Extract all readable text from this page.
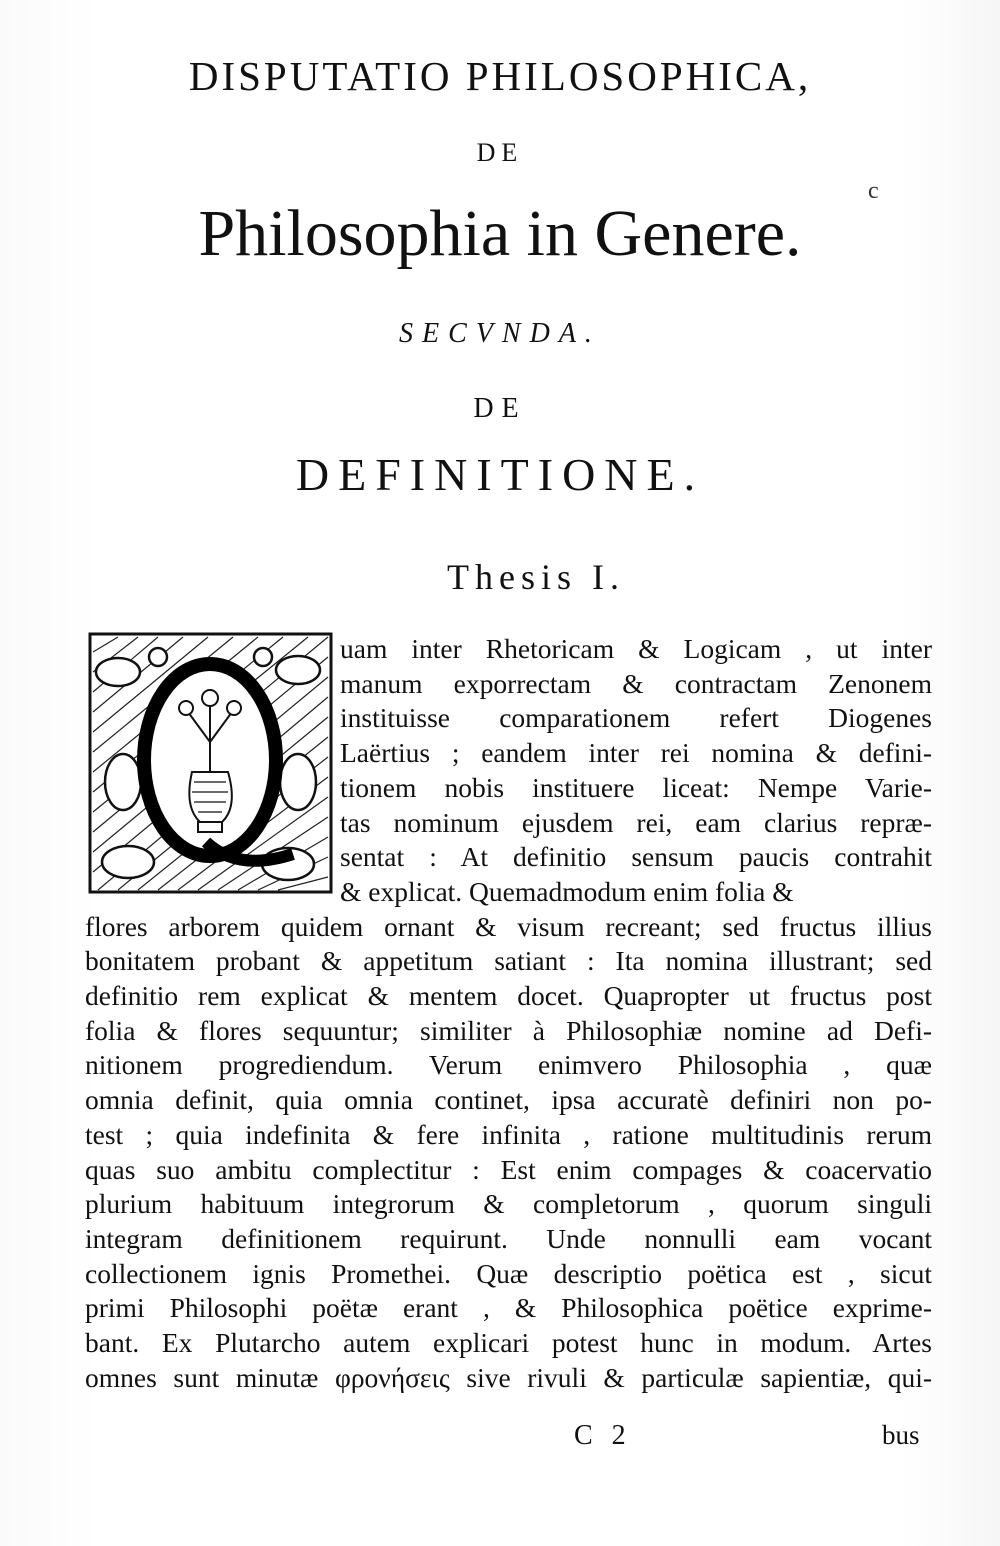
DISPUTATIO PHILOSOPHICA,
DE
Philosophia in Genere.
SECVNDA.
DE
DEFINITIONE.
Thesis I.
uam inter Rhetoricam & Logicam , ut inter
manum exporrectam & contractam Zenonem
instituisse comparationem refert Diogenes
Laërtius ; eandem inter rei nomina & defini-
tionem nobis instituere liceat: Nempe Varie-
tas nominum ejusdem rei, eam clarius repræ-
sentat : At definitio sensum paucis contrahit
& explicat. Quemadmodum enim folia &
flores arborem quidem ornant & visum recreant; sed fructus illius
bonitatem probant & appetitum satiant : Ita nomina illustrant; sed
definitio rem explicat & mentem docet. Quapropter ut fructus post
folia & flores sequuntur; similiter à Philosophiæ nomine ad Defi-
nitionem progrediendum. Verum enimvero Philosophia , quæ
omnia definit, quia omnia continet, ipsa accuratè definiri non po-
test ; quia indefinita & fere infinita , ratione multitudinis rerum
quas suo ambitu complectitur : Est enim compages & coacervatio
plurium habituum integrorum & completorum , quorum singuli
integram definitionem requirunt. Unde nonnulli eam vocant
collectionem ignis Promethei. Quæ descriptio poëtica est , sicut
primi Philosophi poëtæ erant , & Philosophica poëtice exprime-
bant. Ex Plutarcho autem explicari potest hunc in modum. Artes
omnes sunt minutæ φρονήσεις sive rivuli & particulæ sapientiæ, qui-
C 2	bus
c
